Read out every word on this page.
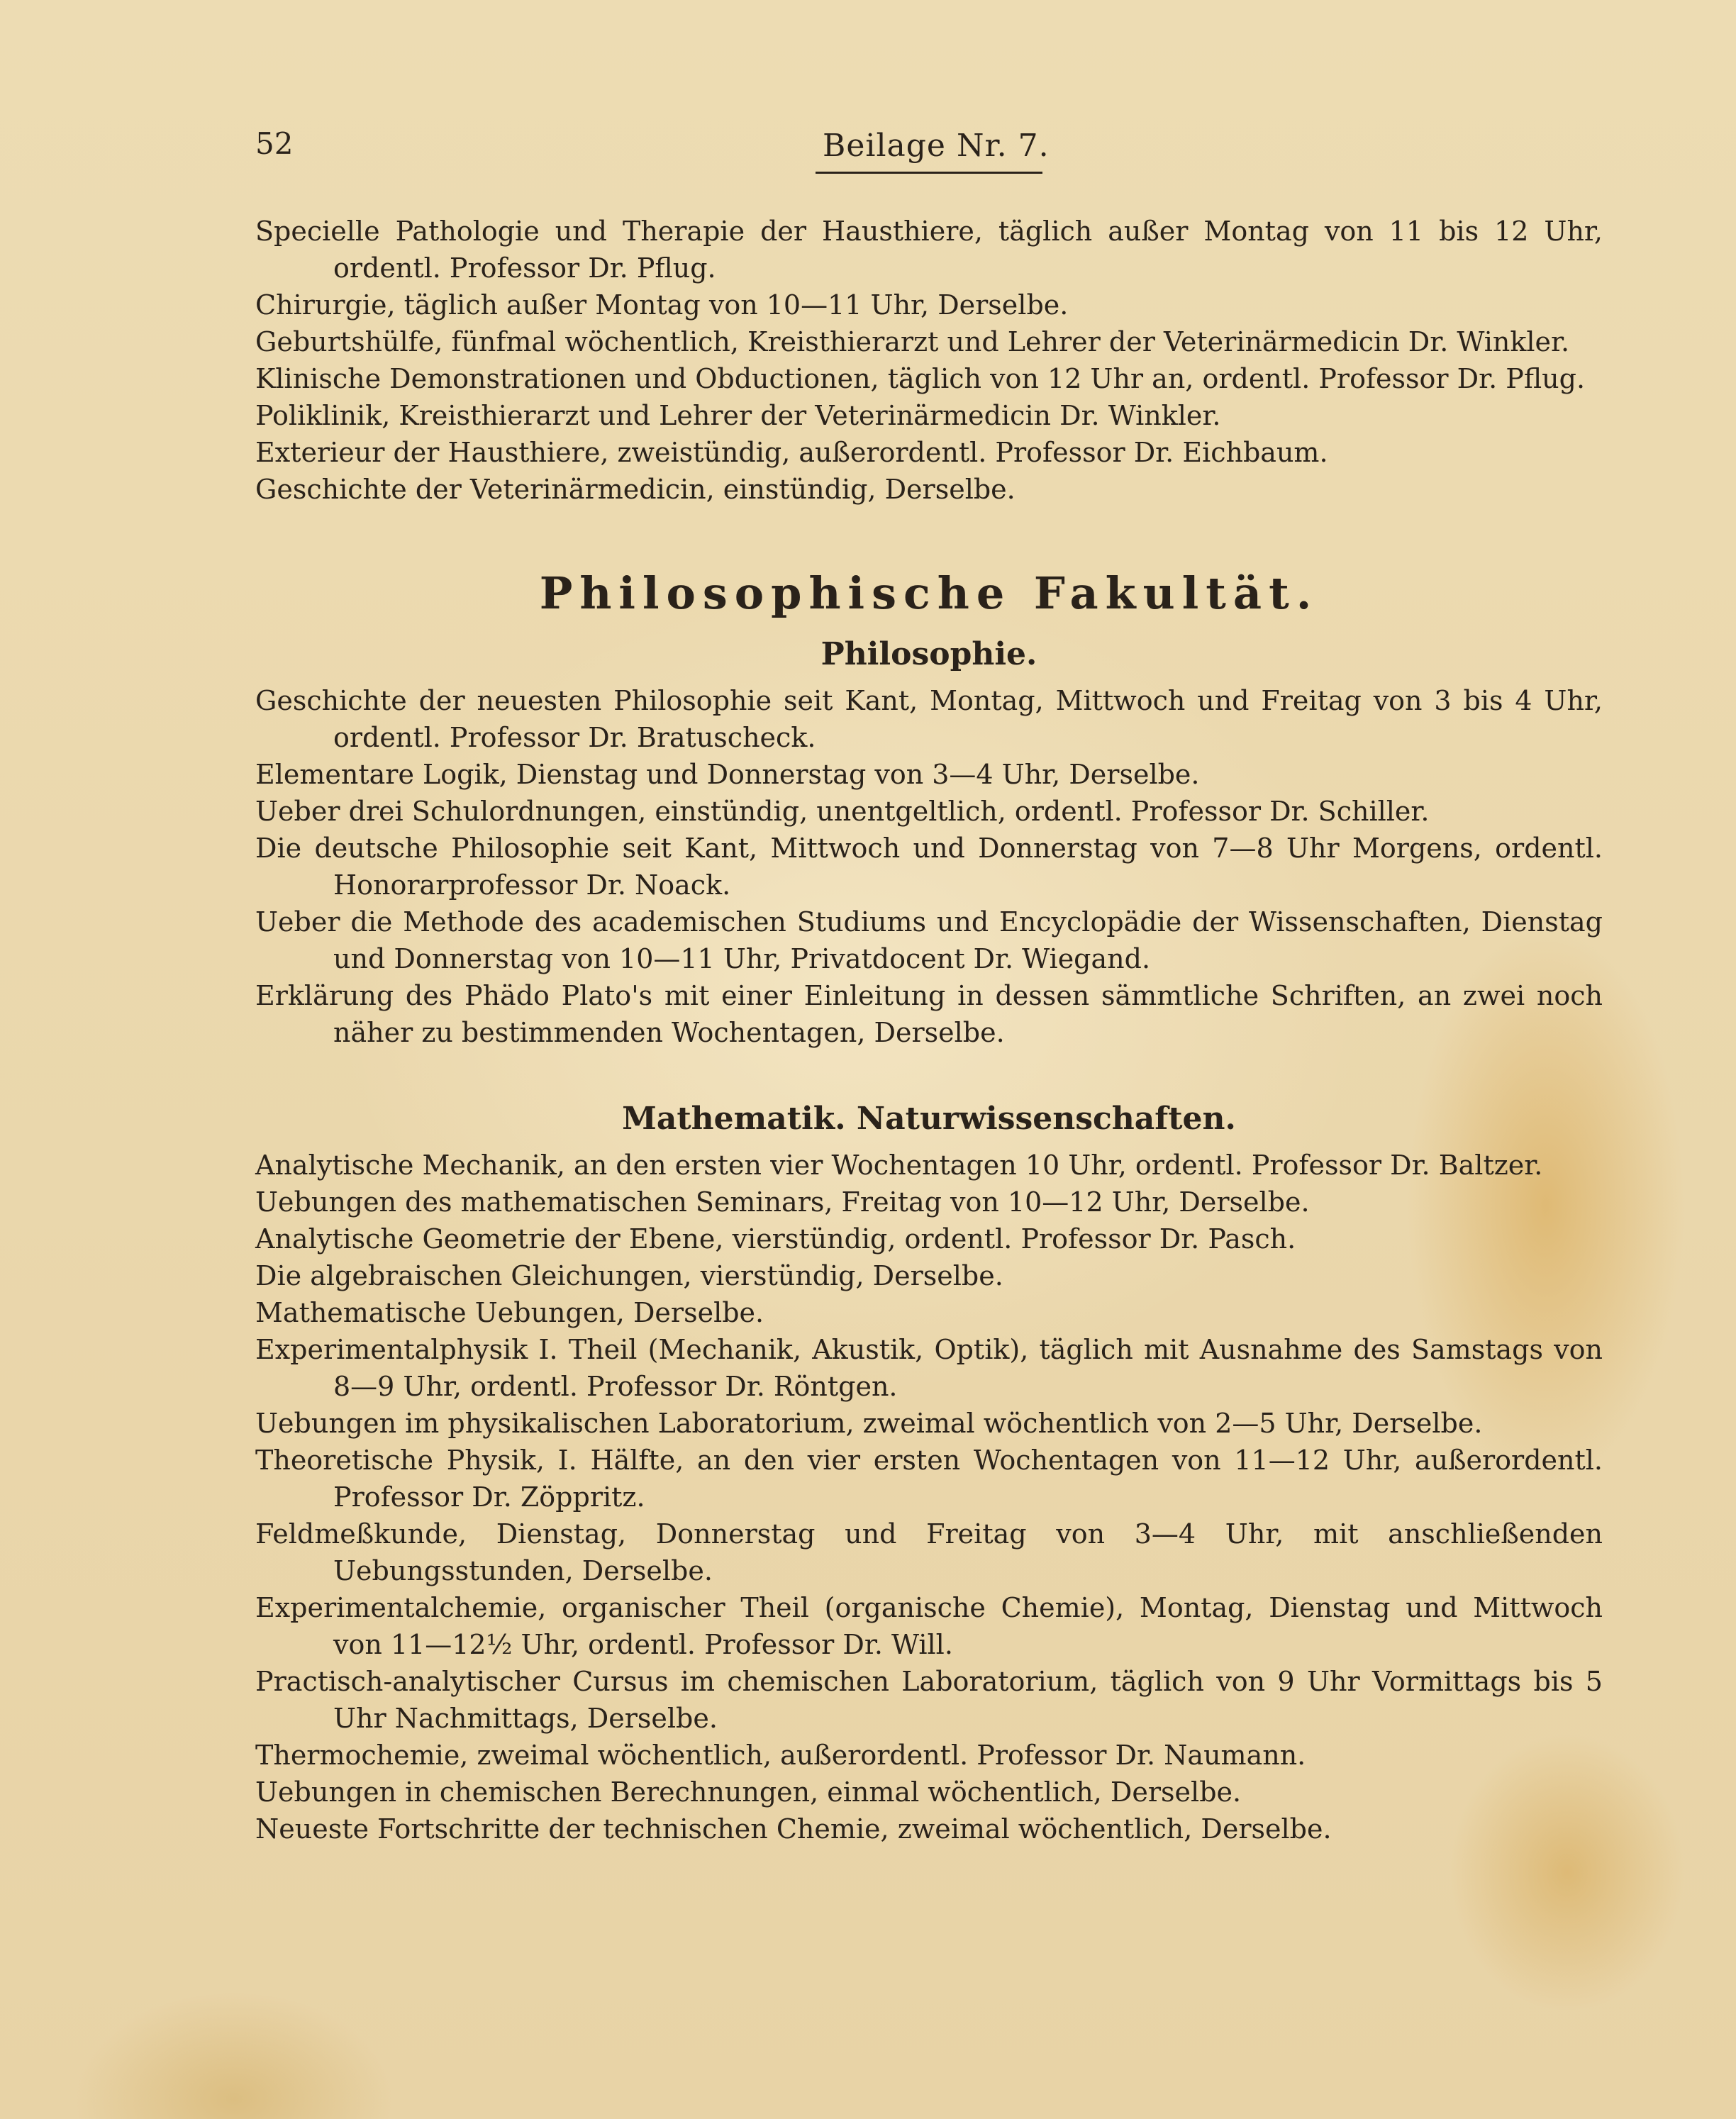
52	Beilage Nr. 7.

Specielle Pathologie und Therapie der Hausthiere, täglich außer Montag von 11 bis 12 Uhr, ordentl. Professor Dr. Pflug.

Chirurgie, täglich außer Montag von 10—11 Uhr, Derselbe.

Geburtshülfe, fünfmal wöchentlich, Kreisthierarzt und Lehrer der Veterinärmedicin Dr. Winkler.

Klinische Demonstrationen und Obductionen, täglich von 12 Uhr an, ordentl. Professor Dr. Pflug.

Poliklinik, Kreisthierarzt und Lehrer der Veterinärmedicin Dr. Winkler.

Exterieur der Hausthiere, zweistündig, außerordentl. Professor Dr. Eichbaum.

Geschichte der Veterinärmedicin, einstündig, Derselbe.

Philosophische Fakultät.
Philosophie.

Geschichte der neuesten Philosophie seit Kant, Montag, Mittwoch und Freitag von 3 bis 4 Uhr, ordentl. Professor Dr. Bratuscheck.

Elementare Logik, Dienstag und Donnerstag von 3—4 Uhr, Derselbe.

Ueber drei Schulordnungen, einstündig, unentgeltlich, ordentl. Professor Dr. Schiller.

Die deutsche Philosophie seit Kant, Mittwoch und Donnerstag von 7—8 Uhr Morgens, ordentl. Honorarprofessor Dr. Noack.

Ueber die Methode des academischen Studiums und Encyclopädie der Wissenschaften, Dienstag und Donnerstag von 10—11 Uhr, Privatdocent Dr. Wiegand.

Erklärung des Phädo Plato's mit einer Einleitung in dessen sämmtliche Schriften, an zwei noch näher zu bestimmenden Wochentagen, Derselbe.

Mathematik. Naturwissenschaften.

Analytische Mechanik, an den ersten vier Wochentagen 10 Uhr, ordentl. Professor Dr. Baltzer.

Uebungen des mathematischen Seminars, Freitag von 10—12 Uhr, Derselbe.

Analytische Geometrie der Ebene, vierstündig, ordentl. Professor Dr. Pasch.

Die algebraischen Gleichungen, vierstündig, Derselbe.

Mathematische Uebungen, Derselbe.

Experimentalphysik I. Theil (Mechanik, Akustik, Optik), täglich mit Ausnahme des Samstags von 8—9 Uhr, ordentl. Professor Dr. Röntgen.

Uebungen im physikalischen Laboratorium, zweimal wöchentlich von 2—5 Uhr, Derselbe.

Theoretische Physik, I. Hälfte, an den vier ersten Wochentagen von 11—12 Uhr, außerordentl. Professor Dr. Zöppritz.

Feldmeßkunde, Dienstag, Donnerstag und Freitag von 3—4 Uhr, mit anschließenden Uebungsstunden, Derselbe.

Experimentalchemie, organischer Theil (organische Chemie), Montag, Dienstag und Mittwoch von 11—12½ Uhr, ordentl. Professor Dr. Will.

Practisch-analytischer Cursus im chemischen Laboratorium, täglich von 9 Uhr Vormittags bis 5 Uhr Nachmittags, Derselbe.

Thermochemie, zweimal wöchentlich, außerordentl. Professor Dr. Naumann.

Uebungen in chemischen Berechnungen, einmal wöchentlich, Derselbe.

Neueste Fortschritte der technischen Chemie, zweimal wöchentlich, Derselbe.
